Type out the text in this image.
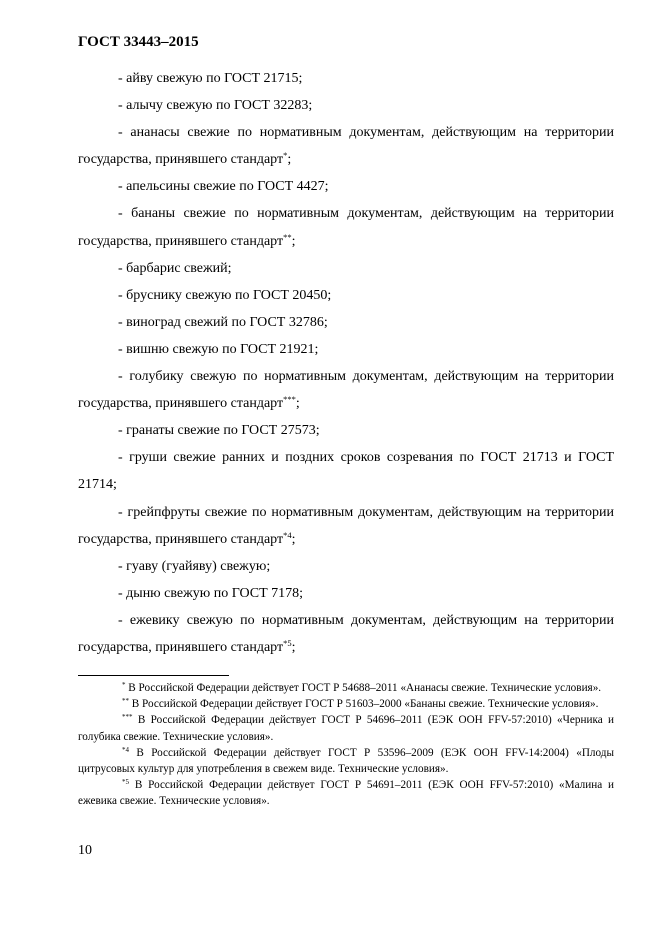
ГОСТ 33443–2015

- айву свежую по ГОСТ 21715;

- алычу свежую по ГОСТ 32283;

- ананасы свежие по нормативным документам, действующим на территории государства, принявшего стандарт*;

- апельсины свежие по ГОСТ 4427;

- бананы свежие по нормативным документам, действующим на территории государства, принявшего стандарт**;

- барбарис свежий;

- бруснику свежую по ГОСТ 20450;

- виноград свежий по ГОСТ 32786;

- вишню свежую по ГОСТ 21921;

- голубику свежую по нормативным документам, действующим на территории государства, принявшего стандарт***;

- гранаты свежие по ГОСТ 27573;

- груши свежие ранних и поздних сроков созревания по ГОСТ 21713 и ГОСТ 21714;

- грейпфруты свежие по нормативным документам, действующим на территории государства, принявшего стандарт$^{*4}$;

- гуаву (гуайяву) свежую;

- дыню свежую по ГОСТ 7178;

- ежевику свежую по нормативным документам, действующим на территории государства, принявшего стандарт$^{*5}$;

* В Российской Федерации действует ГОСТ Р 54688–2011 «Ананасы свежие. Технические условия».

** В Российской Федерации действует ГОСТ Р 51603–2000 «Бананы свежие. Технические условия».

*** В Российской Федерации действует ГОСТ Р 54696–2011 (ЕЭК ООН FFV-57:2010) «Черника и голубика свежие. Технические условия».

$^{*4}$ В Российской Федерации действует ГОСТ Р 53596–2009 (ЕЭК ООН FFV-14:2004) «Плоды цитрусовых культур для употребления в свежем виде. Технические условия».

$^{*5}$ В Российской Федерации действует ГОСТ Р 54691–2011 (ЕЭК ООН FFV-57:2010) «Малина и ежевика свежие. Технические условия».

10
